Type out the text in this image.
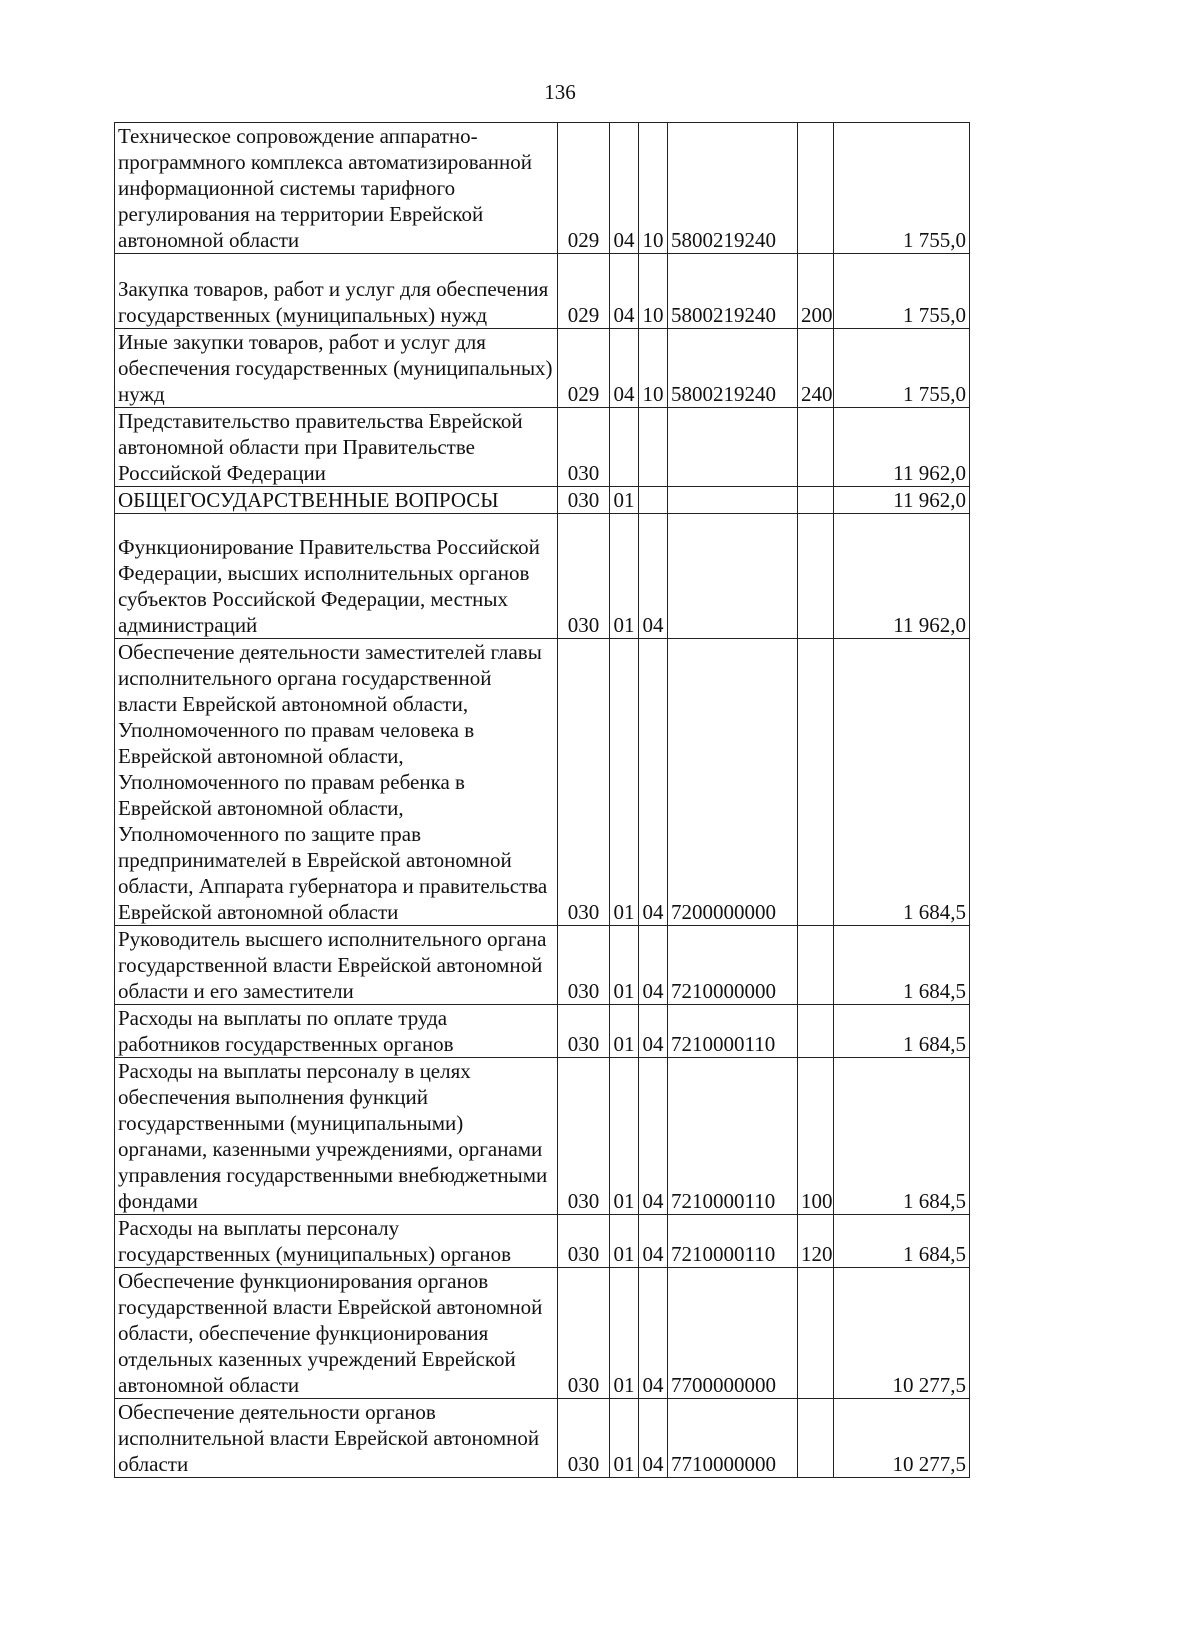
136
Техническое сопровождение аппаратно-программного комплекса автоматизированной информационной системы тарифного регулирования на территории Еврейской автономной области	029	04	10	5800219240		1 755,0
Закупка товаров, работ и услуг для обеспечения государственных (муниципальных) нужд	029	04	10	5800219240	200	1 755,0
Иные закупки товаров, работ и услуг для обеспечения государственных (муниципальных) нужд	029	04	10	5800219240	240	1 755,0
Представительство правительства Еврейской автономной области при Правительстве Российской Федерации	030					11 962,0
ОБЩЕГОСУДАРСТВЕННЫЕ ВОПРОСЫ	030	01				11 962,0
Функционирование Правительства Российской Федерации, высших исполнительных органов субъектов Российской Федерации, местных администраций	030	01	04			11 962,0
Обеспечение деятельности заместителей главы исполнительного органа государственной власти Еврейской автономной области, Уполномоченного по правам человека в Еврейской автономной области, Уполномоченного по правам ребенка в Еврейской автономной области, Уполномоченного по защите прав предпринимателей в Еврейской автономной области, Аппарата губернатора и правительства Еврейской автономной области	030	01	04	7200000000		1 684,5
Руководитель высшего исполнительного органа государственной власти Еврейской автономной области и его заместители	030	01	04	7210000000		1 684,5
Расходы на выплаты по оплате труда работников государственных органов	030	01	04	7210000110		1 684,5
Расходы на выплаты персоналу в целях обеспечения выполнения функций государственными (муниципальными) органами, казенными учреждениями, органами управления государственными внебюджетными фондами	030	01	04	7210000110	100	1 684,5
Расходы на выплаты персоналу государственных (муниципальных) органов	030	01	04	7210000110	120	1 684,5
Обеспечение функционирования органов государственной власти Еврейской автономной области, обеспечение функционирования отдельных казенных учреждений Еврейской автономной области	030	01	04	7700000000		10 277,5
Обеспечение деятельности органов исполнительной власти Еврейской автономной области	030	01	04	7710000000		10 277,5
